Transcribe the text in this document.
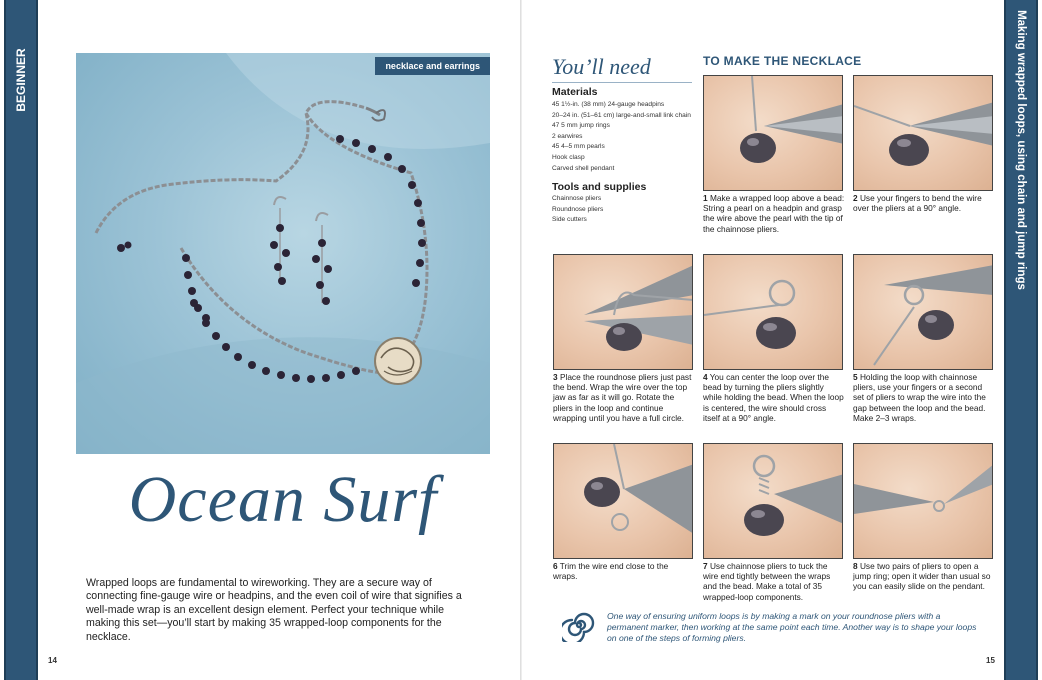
BEGINNER	necklace and earrings
Ocean Surf
Wrapped loops are fundamental to wireworking. They are a secure way of connecting fine-gauge wire or headpins, and the even coil of wire that signifies a well-made wrap is an excellent design element. Perfect your technique while making this set—you’ll start by making 35 wrapped-loop components for the necklace.
14
Making wrapped loops, using chain and jump rings
You’ll need
Materials
45 1½-in. (38 mm) 24-gauge headpins
20–24 in. (51–61 cm) large-and-small link chain
47 5 mm jump rings
2 earwires
45 4–5 mm pearls
Hook clasp
Carved shell pendant
Tools and supplies
Chainnose pliers
Roundnose pliers
Side cutters
TO MAKE THE NECKLACE
1 Make a wrapped loop above a bead: String a pearl on a headpin and grasp the wire above the pearl with the tip of the chainnose pliers.
2 Use your fingers to bend the wire over the pliers at a 90° angle.
3 Place the roundnose pliers just past the bend. Wrap the wire over the top jaw as far as it will go. Rotate the pliers in the loop and continue wrapping until you have a full circle.
4 You can center the loop over the bead by turning the pliers slightly while holding the bead. When the loop is centered, the wire should cross itself at a 90° angle.
5 Holding the loop with chainnose pliers, use your fingers or a second set of pliers to wrap the wire into the gap between the loop and the bead. Make 2–3 wraps.
6 Trim the wire end close to the wraps.
7 Use chainnose pliers to tuck the wire end tightly between the wraps and the bead. Make a total of 35 wrapped-loop components.
8 Use two pairs of pliers to open a jump ring; open it wider than usual so you can easily slide on the pendant.
One way of ensuring uniform loops is by making a mark on your roundnose pliers with a permanent marker, then working at the same point each time. Another way is to shape your loops on one of the steps of forming pliers.
15
